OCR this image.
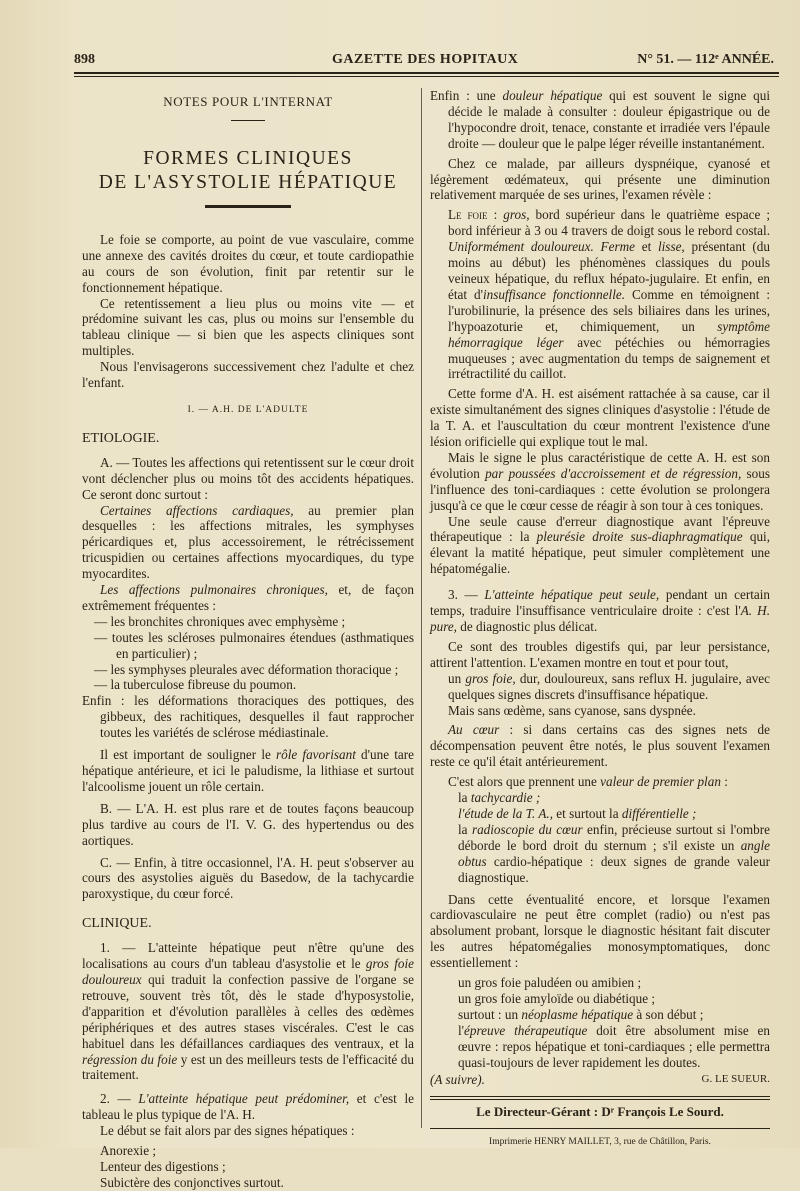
898	GAZETTE DES HOPITAUX	N° 51. — 112ᵉ ANNÉE.
NOTES POUR L'INTERNAT
FORMES CLINIQUES
DE L'ASYSTOLIE HÉPATIQUE

Le foie se comporte, au point de vue vasculaire, comme une annexe des cavités droites du cœur, et toute cardiopathie au cours de son évolution, finit par retentir sur le fonctionnement hépatique.

Ce retentissement a lieu plus ou moins vite — et prédomine suivant les cas, plus ou moins sur l'ensemble du tableau clinique — si bien que les aspects cliniques sont multiples.

Nous l'envisagerons successivement chez l'adulte et chez l'enfant.

I. — A.H. DE L'ADULTE
ETIOLOGIE.

A. — Toutes les affections qui retentissent sur le cœur droit vont déclencher plus ou moins tôt des accidents hépatiques. Ce seront donc surtout :

Certaines affections cardiaques, au premier plan desquelles : les affections mitrales, les symphyses péricardiques et, plus accessoirement, le rétrécissement tricuspidien ou certaines affections myocardiques, du type myocardites.

Les affections pulmonaires chroniques, et, de façon extrêmement fréquentes :

— les bronchites chroniques avec emphysème ;

— toutes les scléroses pulmonaires étendues (asthmatiques en particulier) ;

— les symphyses pleurales avec déformation thoracique ;

— la tuberculose fibreuse du poumon.

Enfin : les déformations thoraciques des pottiques, des gibbeux, des rachitiques, desquelles il faut rapprocher toutes les variétés de sclérose médiastinale.

Il est important de souligner le rôle favorisant d'une tare hépatique antérieure, et ici le paludisme, la lithiase et surtout l'alcoolisme jouent un rôle certain.

B. — L'A. H. est plus rare et de toutes façons beaucoup plus tardive au cours de l'I. V. G. des hypertendus ou des aortiques.

C. — Enfin, à titre occasionnel, l'A. H. peut s'observer au cours des asystolies aiguës du Basedow, de la tachycardie paroxystique, du cœur forcé.

CLINIQUE.

1. — L'atteinte hépatique peut n'être qu'une des localisations au cours d'un tableau d'asystolie et le gros foie douloureux qui traduit la confection passive de l'organe se retrouve, souvent très tôt, dès le stade d'hyposystolie, d'apparition et d'évolution parallèles à celles des œdèmes périphériques et des autres stases viscérales. C'est le cas habituel dans les défaillances cardiaques des ventraux, et la régression du foie y est un des meilleurs tests de l'efficacité du traitement.

2. — L'atteinte hépatique peut prédominer, et c'est le tableau le plus typique de l'A. H.

Le début se fait alors par des signes hépatiques :

Anorexie ;

Lenteur des digestions ;

Subictère des conjonctives surtout.

Enfin : une douleur hépatique qui est souvent le signe qui décide le malade à consulter : douleur épigastrique ou de l'hypocondre droit, tenace, constante et irradiée vers l'épaule droite — douleur que le palpe léger réveille instantanément.

Chez ce malade, par ailleurs dyspnéique, cyanosé et légèrement œdémateux, qui présente une diminution relativement marquée de ses urines, l'examen révèle :

Le foie : gros, bord supérieur dans le quatrième espace ; bord inférieur à 3 ou 4 travers de doigt sous le rebord costal. Uniformément douloureux. Ferme et lisse, présentant (du moins au début) les phénomènes classiques du pouls veineux hépatique, du reflux hépato-jugulaire. Et enfin, en état d'insuffisance fonctionnelle. Comme en témoignent : l'urobilinurie, la présence des sels biliaires dans les urines, l'hypoazoturie et, chimiquement, un symptôme hémorragique léger avec pétéchies ou hémorragies muqueuses ; avec augmentation du temps de saignement et irrétractilité du caillot.

Cette forme d'A. H. est aisément rattachée à sa cause, car il existe simultanément des signes cliniques d'asystolie : l'étude de la T. A. et l'auscultation du cœur montrent l'existence d'une lésion orificielle qui explique tout le mal.

Mais le signe le plus caractéristique de cette A. H. est son évolution par poussées d'accroissement et de régression, sous l'influence des toni-cardiaques : cette évolution se prolongera jusqu'à ce que le cœur cesse de réagir à son tour à ces toniques.

Une seule cause d'erreur diagnostique avant l'épreuve thérapeutique : la pleurésie droite sus-diaphragmatique qui, élevant la matité hépatique, peut simuler complètement une hépatomégalie.

3. — L'atteinte hépatique peut seule, pendant un certain temps, traduire l'insuffisance ventriculaire droite : c'est l'A. H. pure, de diagnostic plus délicat.

Ce sont des troubles digestifs qui, par leur persistance, attirent l'attention. L'examen montre en tout et pour tout,

un gros foie, dur, douloureux, sans reflux H. jugulaire, avec quelques signes discrets d'insuffisance hépatique.

Mais sans œdème, sans cyanose, sans dyspnée.

Au cœur : si dans certains cas des signes nets de décompensation peuvent être notés, le plus souvent l'examen reste ce qu'il était antérieurement.

C'est alors que prennent une valeur de premier plan :

la tachycardie ;

l'étude de la T. A., et surtout la différentielle ;

la radioscopie du cœur enfin, précieuse surtout si l'ombre déborde le bord droit du sternum ; s'il existe un angle obtus cardio-hépatique : deux signes de grande valeur diagnostique.

Dans cette éventualité encore, et lorsque l'examen cardiovasculaire ne peut être complet (radio) ou n'est pas absolument probant, lorsque le diagnostic hésitant fait discuter les autres hépatomégalies monosymptomatiques, donc essentiellement :

un gros foie paludéen ou amibien ;

un gros foie amyloïde ou diabétique ;

surtout : un néoplasme hépatique à son début ;

l'épreuve thérapeutique doit être absolument mise en œuvre : repos hépatique et toni-cardiaques ; elle permettra quasi-toujours de lever rapidement les doutes.

(A suivre).	G. LE SUEUR.
Le Directeur-Gérant : Dʳ François Le Sourd.
Imprimerie HENRY MAILLET, 3, rue de Châtillon, Paris.
